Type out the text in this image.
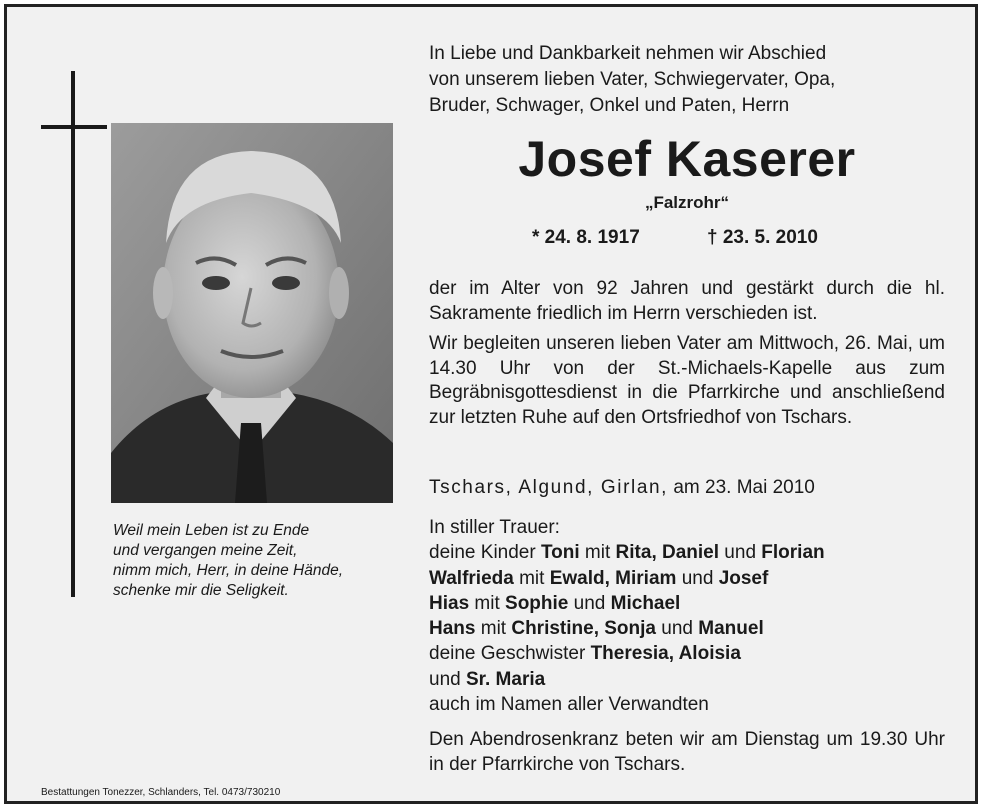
Weil mein Leben ist zu Ende
und vergangen meine Zeit,
nimm mich, Herr, in deine Hände,
schenke mir die Seligkeit.
In Liebe und Dankbarkeit nehmen wir Abschied
von unserem lieben Vater, Schwiegervater, Opa,
Bruder, Schwager, Onkel und Paten, Herrn
Josef Kaserer
„Falzrohr“
* 24. 8. 1917	† 23. 5. 2010

der im Alter von 92 Jahren und gestärkt durch die hl. Sakramente friedlich im Herrn verschieden ist.

Wir begleiten unseren lieben Vater am Mittwoch, 26. Mai, um 14.30 Uhr von der St.-Michaels-Kapelle aus zum Begräbnisgottesdienst in die Pfarrkirche und anschließend zur letzten Ruhe auf den Ortsfriedhof von Tschars.

Tschars, Algund, Girlan, am 23. Mai 2010
In stiller Trauer:
deine Kinder Toni mit Rita, Daniel und Florian
Walfrieda mit Ewald, Miriam und Josef
Hias mit Sophie und Michael
Hans mit Christine, Sonja und Manuel
deine Geschwister Theresia, Aloisia
und Sr. Maria
auch im Namen aller Verwandten

Den Abendrosenkranz beten wir am Dienstag um 19.30 Uhr in der Pfarrkirche von Tschars.

Bestattungen Tonezzer, Schlanders, Tel. 0473/730210
